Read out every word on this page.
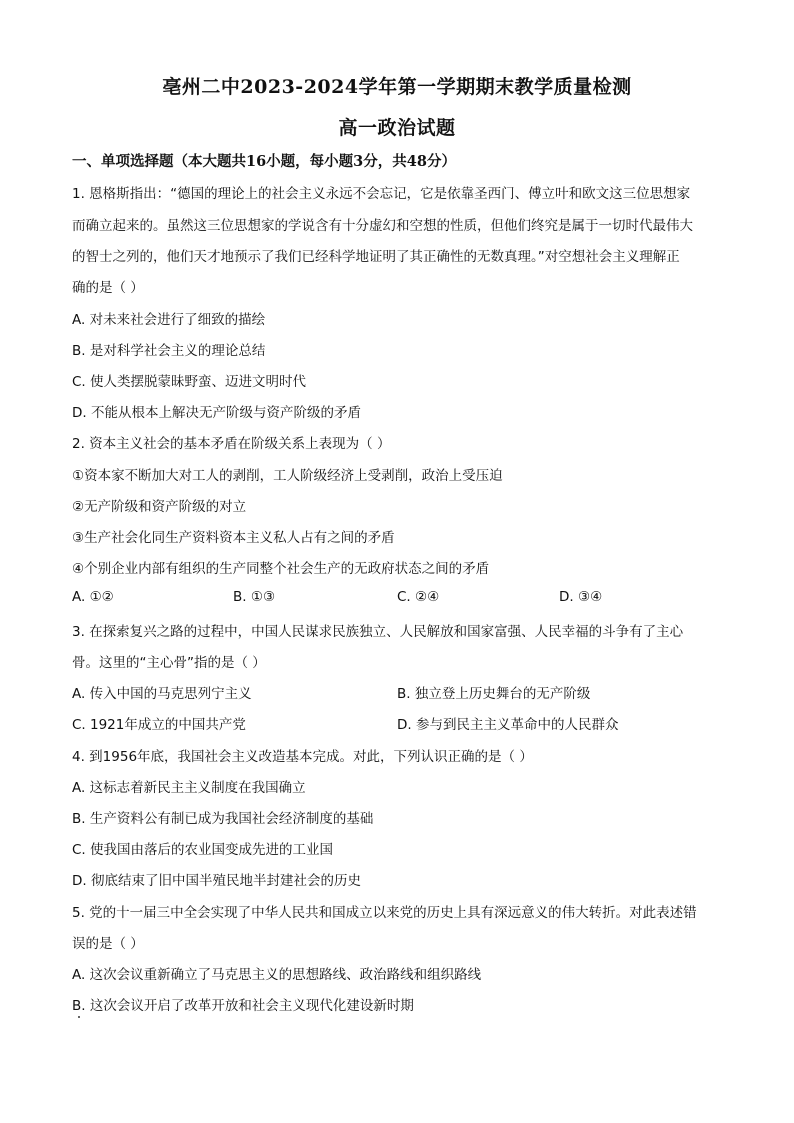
亳州二中2023-2024学年第一学期期末教学质量检测
高一政治试题
一、单项选择题（本大题共16小题，每小题3分，共48分）
1. 恩格斯指出：“德国的理论上的社会主义永远不会忘记，它是依靠圣西门、傅立叶和欧文这三位思想家
而确立起来的。虽然这三位思想家的学说含有十分虚幻和空想的性质，但他们终究是属于一切时代最伟大
的智士之列的，他们天才地预示了我们已经科学地证明了其正确性的无数真理。”对空想社会主义理解正
确的是（ ）
A. 对未来社会进行了细致的描绘
B. 是对科学社会主义的理论总结
C. 使人类摆脱蒙昧野蛮、迈进文明时代
D. 不能从根本上解决无产阶级与资产阶级的矛盾
2. 资本主义社会的基本矛盾在阶级关系上表现为（ ）
①资本家不断加大对工人的剥削，工人阶级经济上受剥削，政治上受压迫
②无产阶级和资产阶级的对立
③生产社会化同生产资料资本主义私人占有之间的矛盾
④个别企业内部有组织的生产同整个社会生产的无政府状态之间的矛盾
A. ①②	B. ①③	C. ②④	D. ③④
3. 在探索复兴之路的过程中，中国人民谋求民族独立、人民解放和国家富强、人民幸福的斗争有了主心
骨。这里的“主心骨”指的是（ ）
A. 传入中国的马克思列宁主义	B. 独立登上历史舞台的无产阶级
C. 1921年成立的中国共产党	D. 参与到民主主义革命中的人民群众
4. 到1956年底，我国社会主义改造基本完成。对此，下列认识正确的是（ ）
A. 这标志着新民主主义制度在我国确立
B. 生产资料公有制已成为我国社会经济制度的基础
C. 使我国由落后的农业国变成先进的工业国
D. 彻底结束了旧中国半殖民地半封建社会的历史
5. 党的十一届三中全会实现了中华人民共和国成立以来党的历史上具有深远意义的伟大转折。对此表述错
误的是（ ）
A. 这次会议重新确立了马克思主义的思想路线、政治路线和组织路线
B. 这次会议开启了改革开放和社会主义现代化建设新时期
